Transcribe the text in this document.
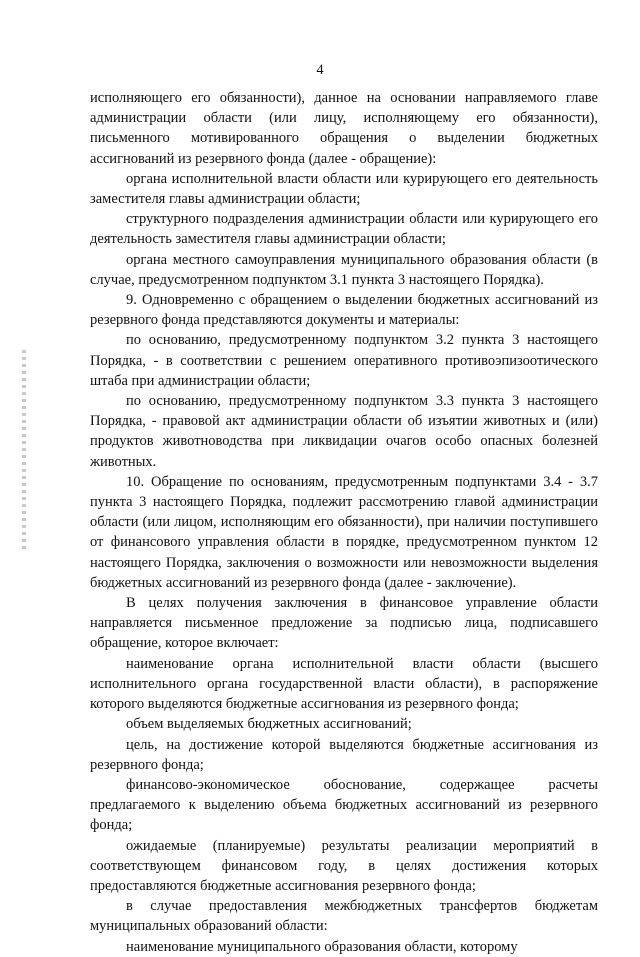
4

исполняющего его обязанности), данное на основании направляемого главе администрации области (или лицу, исполняющему его обязанности), письменного мотивированного обращения о выделении бюджетных ассигнований из резервного фонда (далее - обращение):

органа исполнительной власти области или курирующего его деятельность заместителя главы администрации области;

структурного подразделения администрации области или курирующего его деятельность заместителя главы администрации области;

органа местного самоуправления муниципального образования области (в случае, предусмотренном подпунктом 3.1 пункта 3 настоящего Порядка).

9. Одновременно с обращением о выделении бюджетных ассигнований из резервного фонда представляются документы и материалы:

по основанию, предусмотренному подпунктом 3.2 пункта 3 настоящего Порядка, - в соответствии с решением оперативного противоэпизоотического штаба при администрации области;

по основанию, предусмотренному подпунктом 3.3 пункта 3 настоящего Порядка, - правовой акт администрации области об изъятии животных и (или) продуктов животноводства при ликвидации очагов особо опасных болезней животных.

10. Обращение по основаниям, предусмотренным подпунктами 3.4 - 3.7 пункта 3 настоящего Порядка, подлежит рассмотрению главой администрации области (или лицом, исполняющим его обязанности), при наличии поступившего от финансового управления области в порядке, предусмотренном пунктом 12 настоящего Порядка, заключения о возможности или невозможности выделения бюджетных ассигнований из резервного фонда (далее - заключение).

В целях получения заключения в финансовое управление области направляется письменное предложение за подписью лица, подписавшего обращение, которое включает:

наименование органа исполнительной власти области (высшего исполнительного органа государственной власти области), в распоряжение которого выделяются бюджетные ассигнования из резервного фонда;

объем выделяемых бюджетных ассигнований;

цель, на достижение которой выделяются бюджетные ассигнования из резервного фонда;

финансово-экономическое обоснование, содержащее расчеты предлагаемого к выделению объема бюджетных ассигнований из резервного фонда;

ожидаемые (планируемые) результаты реализации мероприятий в соответствующем финансовом году, в целях достижения которых предоставляются бюджетные ассигнования резервного фонда;

в случае предоставления межбюджетных трансфертов бюджетам муниципальных образований области:

наименование муниципального образования области, которому
